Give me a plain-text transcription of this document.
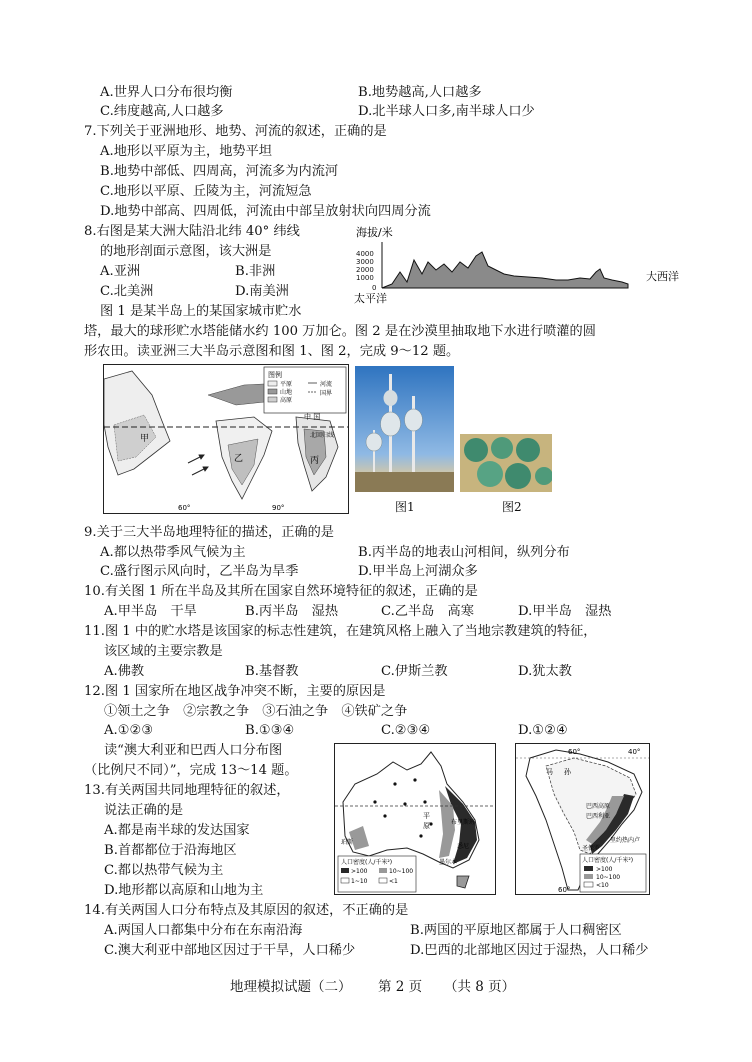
A.世界人口分布很均衡	B.地势越高,人口越多
C.纬度越高,人口越多	D.北半球人口多,南半球人口少
7.下列关于亚洲地形、地势、河流的叙述，正确的是
A.地形以平原为主，地势平坦
B.地势中部低、四周高，河流多为内流河
C.地形以平原、丘陵为主，河流短急
D.地势中部高、四周低，河流由中部呈放射状向四周分流
8.右图是某大洲大陆沿北纬 40° 纬线
的地形剖面示意图，该大洲是
A.亚洲	B.非洲
C.北美洲	D.南美洲
海拔/米
4000
3000
2000
1000
0
太平洋
大西洋
图 1 是某半岛上的某国家城市贮水
塔，最大的球形贮水塔能储水约 100 万加仑。图 2 是在沙漠里抽取地下水进行喷灌的圆
形农田。读亚洲三大半岛示意图和图 1、图 2，完成 9～12 题。
图例
平原
山地
高原
河流
国界
甲
乙	丙
中 国
北回归线
60°	90°	图1	图2
9.关于三大半岛地理特征的描述，正确的是
A.都以热带季风气候为主	B.丙半岛的地表山河相间，纵列分布
C.盛行图示风向时，乙半岛为旱季	D.甲半岛上河湖众多
10.有关图 1 所在半岛及其所在国家自然环境特征的叙述，正确的是
A.甲半岛　干旱	B.丙半岛　湿热	C.乙半岛　高寒	D.甲半岛　湿热
11.图 1 中的贮水塔是该国家的标志性建筑，在建筑风格上融入了当地宗教建筑的特征，
该区域的主要宗教是
A.佛教	B.基督教	C.伊斯兰教	D.犹太教
12.图 1 国家所在地区战争冲突不断，主要的原因是
①领土之争　②宗教之争　③石油之争　④铁矿之争
A.①②③	B.①③④	C.②③④	D.①②④
读“澳大利亚和巴西人口分布图
（比例尺不同）”，完成 13～14 题。
13.有关两国共同地理特征的叙述，
说法正确的是
A.都是南半球的发达国家
B.首都都位于沿海地区
C.都以热带气候为主
D.地形都以高原和山地为主
平
原	布里斯班
悉尼
墨尔本
珀斯
人口密度(人/千米²)
>100	10~100
1~10	<1
60°	40°
60°
马 孙
巴西高原
巴西利亚
里约热内卢
圣保罗
人口密度(人/千米²)
>100
10~100
<10
14.有关两国人口分布特点及其原因的叙述，不正确的是
A.两国人口都集中分布在东南沿海	B.两国的平原地区都属于人口稠密区
C.澳大利亚中部地区因过于干旱，人口稀少	D.巴西的北部地区因过于湿热，人口稀少
地理模拟试题（二） 第 2 页 （共 8 页）
